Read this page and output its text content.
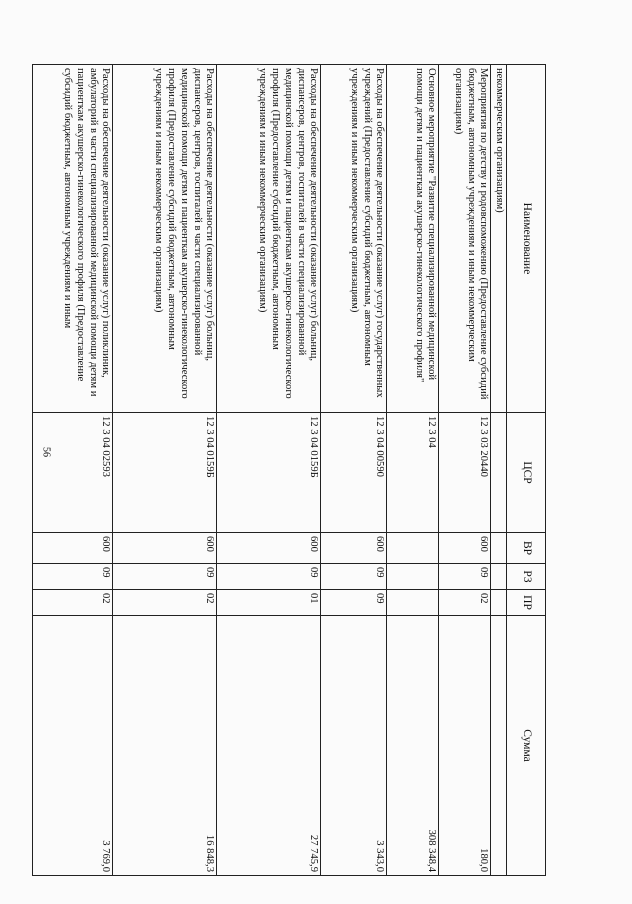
56
Наименование	ЦСР	ВР	РЗ	ПР	Сумма
некоммерческим организациям)					
Мероприятия по детству и родовспоможению (Предоставление субсидий бюджетным, автономным учреждениям и иным некоммерческим организациям)	12 3 03 20440	600	09	02	180,0
Основное мероприятие "Развитие специализированной медицинской помощи детям и пациенткам акушерско-гинекологического профиля"	12 3 04				308 348,4
Расходы на обеспечение деятельности (оказание услуг) государственных учреждений (Предоставление субсидий бюджетным, автономным учреждениям и иным некоммерческим организациям)	12 3 04 00590	600	09	09	3 343,0
Расходы на обеспечение деятельности (оказание услуг) больниц, диспансеров, центров, госпиталей в части специализированной медицинской помощи детям и пациенткам акушерско-гинекологического профиля (Предоставление субсидий бюджетным, автономным учреждениям и иным некоммерческим организациям)	12 3 04 0159Б	600	09	01	27 745,9
Расходы на обеспечение деятельности (оказание услуг) больниц, диспансеров, центров, госпиталей в части специализированной медицинской помощи детям и пациенткам акушерско-гинекологического профиля (Предоставление субсидий бюджетным, автономным учреждениям и иным некоммерческим организациям)	12 3 04 0159Б	600	09	02	16 848,3
Расходы на обеспечение деятельности (оказание услуг) поликлиник, амбулаторий в части специализированной медицинской помощи детям и пациенткам акушерско-гинекологического профиля (Предоставление субсидий бюджетным, автономным учреждениям и иным	12 3 04 02593	600	09	02	3 769,0
